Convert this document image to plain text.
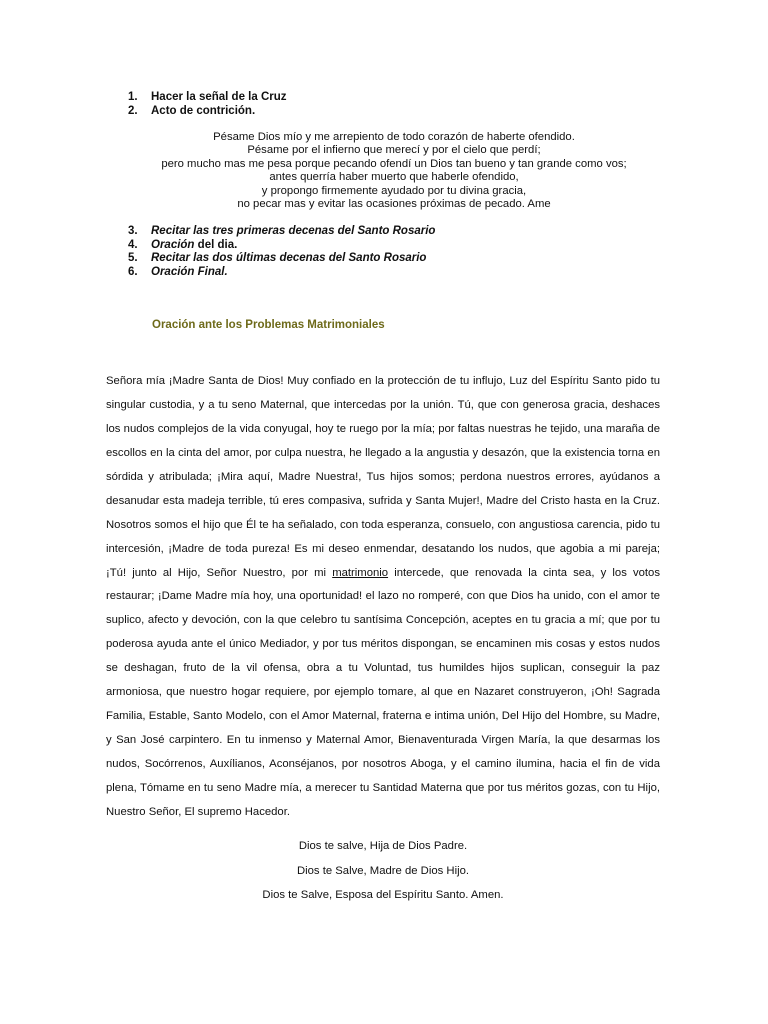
1.	Hacer la señal de la Cruz
2.	Acto de contrición.
Pésame Dios mío y me arrepiento de todo corazón de haberte ofendido.
Pésame por el infierno que merecí y por el cielo que perdí;
pero mucho mas me pesa porque pecando ofendí un Dios tan bueno y tan grande como vos;
antes querría haber muerto que haberle ofendido,
y propongo firmemente ayudado por tu divina gracia,
no pecar mas y evitar las ocasiones próximas de pecado. Ame
3.	Recitar las tres primeras decenas del Santo Rosario
4.	Oración del dia.
5.	Recitar las dos últimas decenas del Santo Rosario
6.	Oración Final.
Oración ante los Problemas Matrimoniales

Señora mía ¡Madre Santa de Dios! Muy confiado en la protección de tu influjo, Luz del Espíritu Santo pido tu singular custodia, y a tu seno Maternal, que intercedas por la unión. Tú, que con generosa gracia, deshaces los nudos complejos de la vida conyugal, hoy te ruego por la mía; por faltas nuestras he tejido, una maraña de escollos en la cinta del amor, por culpa nuestra, he llegado a la angustia y desazón, que la existencia torna en sórdida y atribulada; ¡Mira aquí, Madre Nuestra!, Tus hijos somos; perdona nuestros errores, ayúdanos a desanudar esta madeja terrible, tú eres compasiva, sufrida y Santa Mujer!, Madre del Cristo hasta en la Cruz. Nosotros somos el hijo que Él te ha señalado, con toda esperanza, consuelo, con angustiosa carencia, pido tu intercesión, ¡Madre de toda pureza! Es mi deseo enmendar, desatando los nudos, que agobia a mi pareja; ¡Tú! junto al Hijo, Señor Nuestro, por mi matrimonio intercede, que renovada la cinta sea, y los votos restaurar; ¡Dame Madre mía hoy, una oportunidad! el lazo no romperé, con que Dios ha unido, con el amor te suplico, afecto y devoción, con la que celebro tu santísima Concepción, aceptes en tu gracia a mí; que por tu poderosa ayuda ante el único Mediador, y por tus méritos dispongan, se encaminen mis cosas y estos nudos se deshagan, fruto de la vil ofensa, obra a tu Voluntad, tus humildes hijos suplican, conseguir la paz armoniosa, que nuestro hogar requiere, por ejemplo tomare, al que en Nazaret construyeron, ¡Oh! Sagrada Familia, Estable, Santo Modelo, con el Amor Maternal, fraterna e intima unión, Del Hijo del Hombre, su Madre, y San José carpintero. En tu inmenso y Maternal Amor, Bienaventurada Virgen María, la que desarmas los nudos, Socórrenos, Auxílianos, Aconséjanos, por nosotros Aboga, y el camino ilumina, hacia el fin de vida plena, Tómame en tu seno Madre mía, a merecer tu Santidad Materna que por tus méritos gozas, con tu Hijo, Nuestro Señor, El supremo Hacedor.

Dios te salve, Hija de Dios Padre.
Dios te Salve, Madre de Dios Hijo.
Dios te Salve, Esposa del Espíritu Santo. Amen.
